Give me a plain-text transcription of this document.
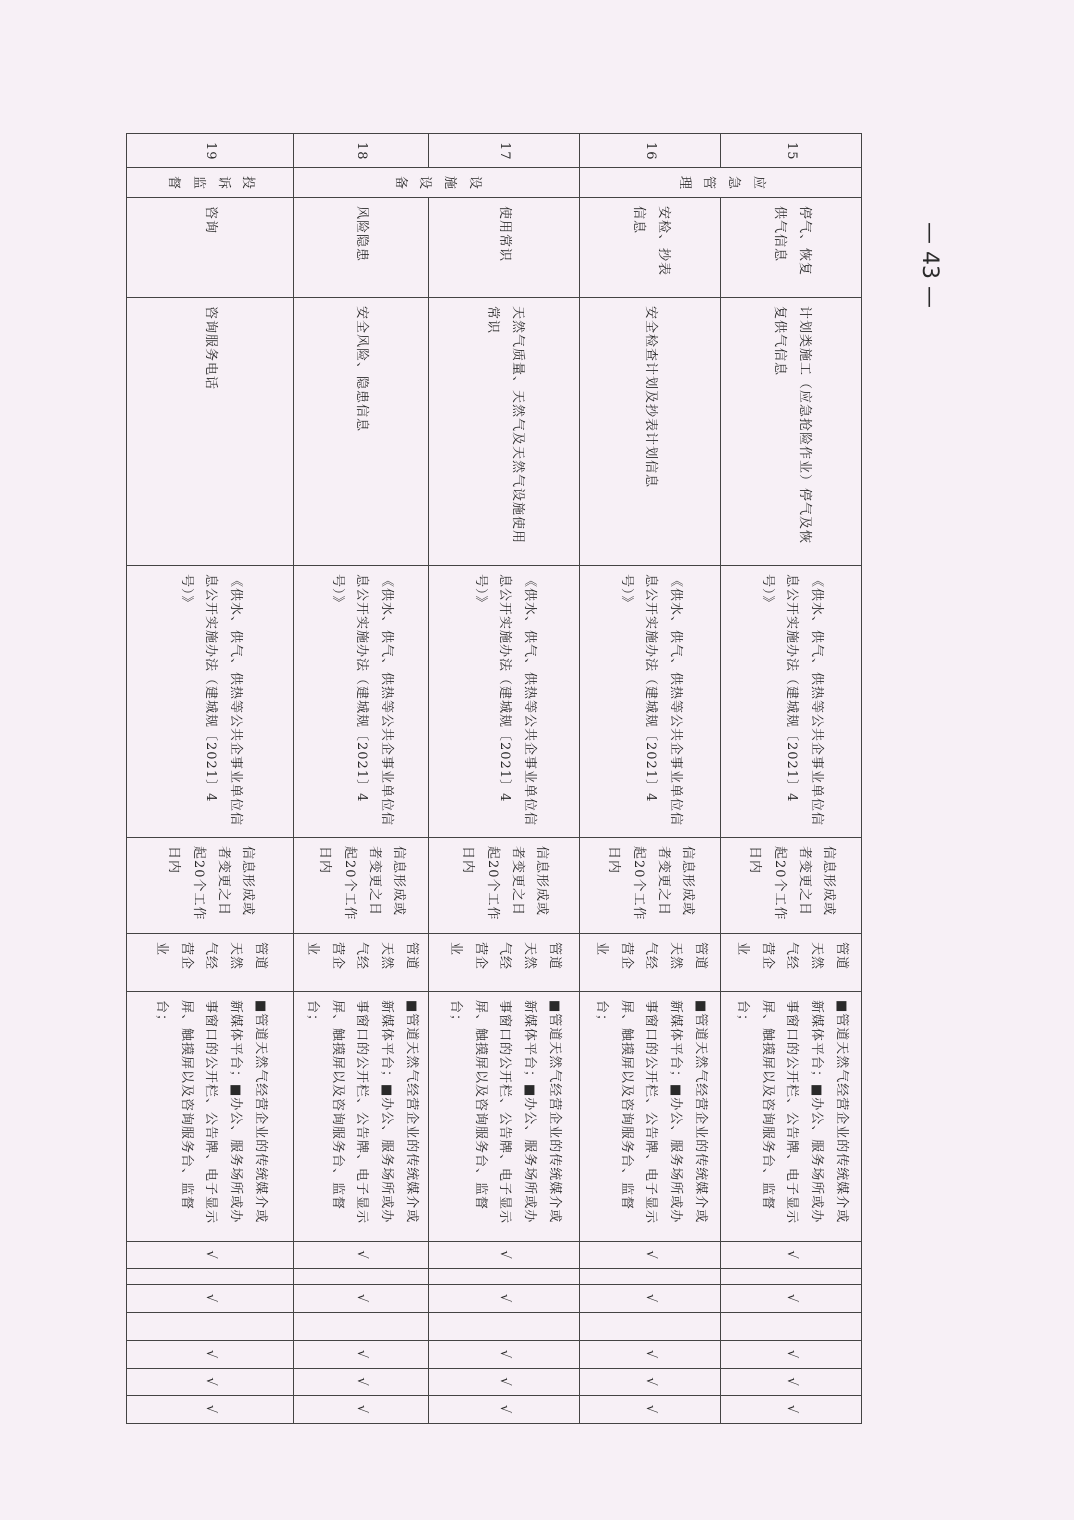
15	应急管理	停气、恢复供气信息	计划类施工（应急抢险作业）停气及恢复供气信息	《供水、供气、供热等公共企事业单位信息公开实施办法（建城规〔2021〕4号）》	信息形成或者变更之日起20个工作日内	管道天然气经营企业	■管道天然气经营企业的传统媒介或新媒体平台；■办公、服务场所或办事窗口的公开栏、公告牌、电子显示屏、触摸屏以及咨询服务台、监督台；	√		√		√	√	√
16		安检、抄表信息	安全检查计划及抄表计划信息	《供水、供气、供热等公共企事业单位信息公开实施办法（建城规〔2021〕4号）》	信息形成或者变更之日起20个工作日内	管道天然气经营企业	■管道天然气经营企业的传统媒介或新媒体平台；■办公、服务场所或办事窗口的公开栏、公告牌、电子显示屏、触摸屏以及咨询服务台、监督台；	√		√		√	√	√
17	设施设备	使用常识	天然气质量、天然气及天然气设施使用常识	《供水、供气、供热等公共企事业单位信息公开实施办法（建城规〔2021〕4号）》	信息形成或者变更之日起20个工作日内	管道天然气经营企业	■管道天然气经营企业的传统媒介或新媒体平台；■办公、服务场所或办事窗口的公开栏、公告牌、电子显示屏、触摸屏以及咨询服务台、监督台；	√		√		√	√	√
18		风险隐患	安全风险、隐患信息	《供水、供气、供热等公共企事业单位信息公开实施办法（建城规〔2021〕4号）》	信息形成或者变更之日起20个工作日内	管道天然气经营企业	■管道天然气经营企业的传统媒介或新媒体平台；■办公、服务场所或办事窗口的公开栏、公告牌、电子显示屏、触摸屏以及咨询服务台、监督台；	√		√		√	√	√
19	投诉监督	咨询	咨询服务电话	《供水、供气、供热等公共企事业单位信息公开实施办法（建城规〔2021〕4号）》	信息形成或者变更之日起20个工作日内	管道天然气经营企业	■管道天然气经营企业的传统媒介或新媒体平台；■办公、服务场所或办事窗口的公开栏、公告牌、电子显示屏、触摸屏以及咨询服务台、监督台；	√		√		√	√	√
— 43 —
